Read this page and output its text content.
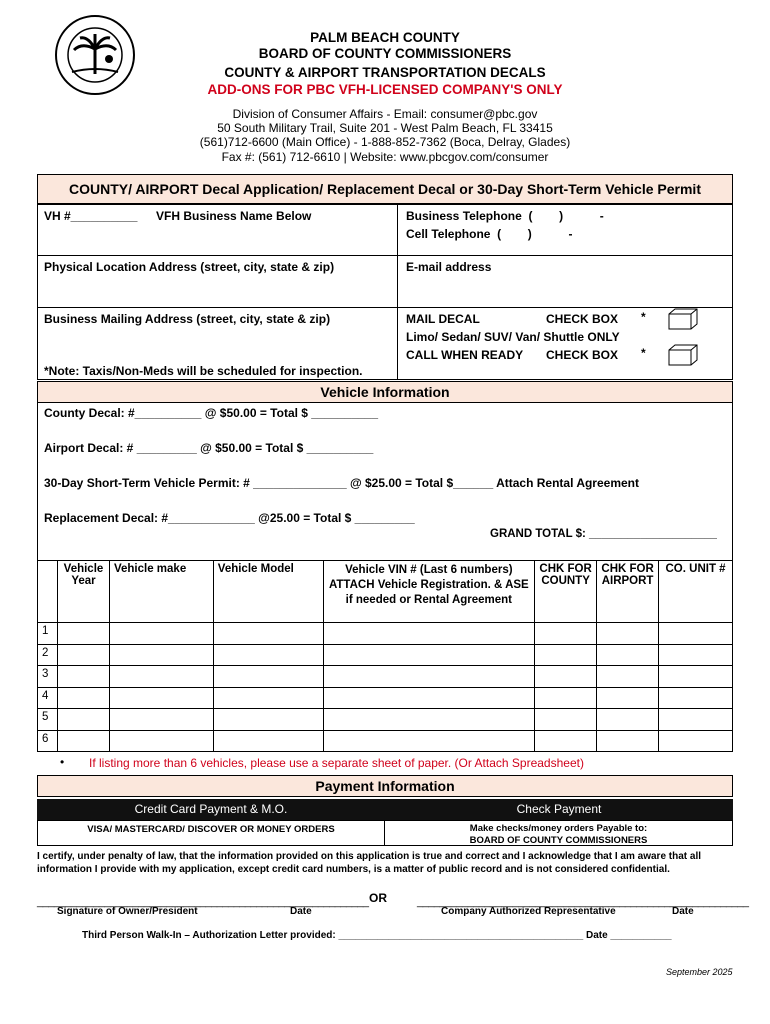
PALM BEACH COUNTY
BOARD OF COUNTY COMMISSIONERS
COUNTY & AIRPORT TRANSPORTATION DECALS
ADD-ONS FOR PBC VFH-LICENSED COMPANY'S ONLY
Division of Consumer Affairs - Email: consumer@pbc.gov
50 South Military Trail, Suite 201 - West Palm Beach, FL 33415
(561)712-6600 (Main Office) - 1-888-852-7362 (Boca, Delray, Glades)
Fax #: (561) 712-6610 | Website: www.pbcgov.com/consumer
COUNTY/ AIRPORT Decal Application/ Replacement Decal or 30-Day Short-Term Vehicle Permit
VH #__________ VFH Business Name Below	Business Telephone  (        )           -
Cell Telephone  (        )           -
Physical Location Address (street, city, state & zip)	E-mail address
Business Mailing Address (street, city, state & zip)
*Note: Taxis/Non-Meds will be scheduled for inspection.
MAIL DECAL	CHECK BOX *
Limo/ Sedan/ SUV/ Van/ Shuttle ONLY
CALL WHEN READY CHECK BOX *
Vehicle Information
County Decal: #__________ @ $50.00 = Total $ __________
Airport Decal: # _________ @ $50.00 = Total $ __________
30-Day Short-Term Vehicle Permit: # ______________ @ $25.00 = Total $______ Attach Rental Agreement
Replacement Decal: #_____________ @25.00 = Total $ _________
GRAND TOTAL $: ____________________
	Vehicle Year	Vehicle make	Vehicle Model	Vehicle VIN # (Last 6 numbers) ATTACH Vehicle Registration. & ASE if needed or Rental Agreement	CHK FOR COUNTY	CHK FOR AIRPORT	CO. UNIT #
1							
2							
3							
4							
5							
6							
• If listing more than 6 vehicles, please use a separate sheet of paper. (Or Attach Spreadsheet)
Payment Information
Credit Card Payment & M.O.	Check Payment
VISA/ MASTERCARD/ DISCOVER OR MONEY ORDERS	Make checks/money orders Payable to:
BOARD OF COUNTY COMMISSIONERS
I certify, under penalty of law, that the information provided on this application is true and correct and I acknowledge that I am aware that all information I provide with my application, except credit card numbers, is a matter of public record and is not considered confidential.
___________________________________________________________ OR	___________________________________________________________
Signature of Owner/President	Date	Company Authorized Representative	Date
Third Person Walk-In – Authorization Letter provided: ____________________________________________ Date ___________
September 2025
